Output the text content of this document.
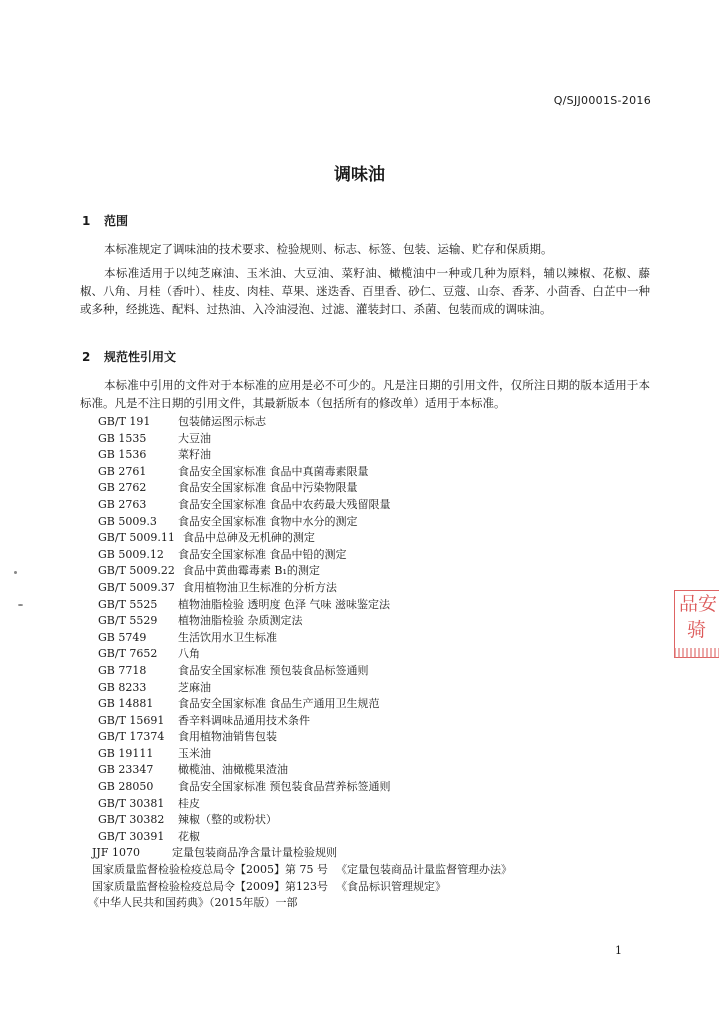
Q/SJJ0001S-2016
调味油
1 范围

本标准规定了调味油的技术要求、检验规则、标志、标签、包装、运输、贮存和保质期。

本标准适用于以纯芝麻油、玉米油、大豆油、菜籽油、橄榄油中一种或几种为原料，辅以辣椒、花椒、藤椒、八角、月桂（香叶）、桂皮、肉桂、草果、迷迭香、百里香、砂仁、豆蔻、山奈、香茅、小茴香、白芷中一种或多种，经挑选、配料、过热油、入冷油浸泡、过滤、灌装封口、杀菌、包装而成的调味油。

2 规范性引用文

本标准中引用的文件对于本标准的应用是必不可少的。凡是注日期的引用文件，仅所注日期的版本适用于本标准。凡是不注日期的引用文件，其最新版本（包括所有的修改单）适用于本标准。

GB/T 191	包装储运图示标志
GB 1535	大豆油
GB 1536	菜籽油
GB 2761	食品安全国家标准 食品中真菌毒素限量
GB 2762	食品安全国家标准 食品中污染物限量
GB 2763	食品安全国家标准 食品中农药最大残留限量
GB 5009.3 食品安全国家标准 食物中水分的测定
GB/T 5009.11 食品中总砷及无机砷的测定
GB 5009.12 食品安全国家标准 食品中铅的测定
GB/T 5009.22 食品中黄曲霉毒素 B₁的测定
GB/T 5009.37 食用植物油卫生标准的分析方法
GB/T 5525 植物油脂检验 透明度 色泽 气味 滋味鉴定法
GB/T 5529 植物油脂检验 杂质测定法
GB 5749	生活饮用水卫生标准
GB/T 7652 八角
GB 7718	食品安全国家标准 预包装食品标签通则
GB 8233	芝麻油
GB 14881 食品安全国家标准 食品生产通用卫生规范
GB/T 15691 香辛料调味品通用技术条件
GB/T 17374 食用植物油销售包装
GB 19111 玉米油
GB 23347 橄榄油、油橄榄果渣油
GB 28050 食品安全国家标准 预包装食品营养标签通则
GB/T 30381 桂皮
GB/T 30382 辣椒（整的或粉状）
GB/T 30391 花椒
JJF 1070	定量包装商品净含量计量检验规则
国家质量监督检验检疫总局令【2005】第 75 号 《定量包装商品计量监督管理办法》
国家质量监督检验检疫总局令【2009】第123号 《食品标识管理规定》
《中华人民共和国药典》（2015年版）一部
品安
骑
1
